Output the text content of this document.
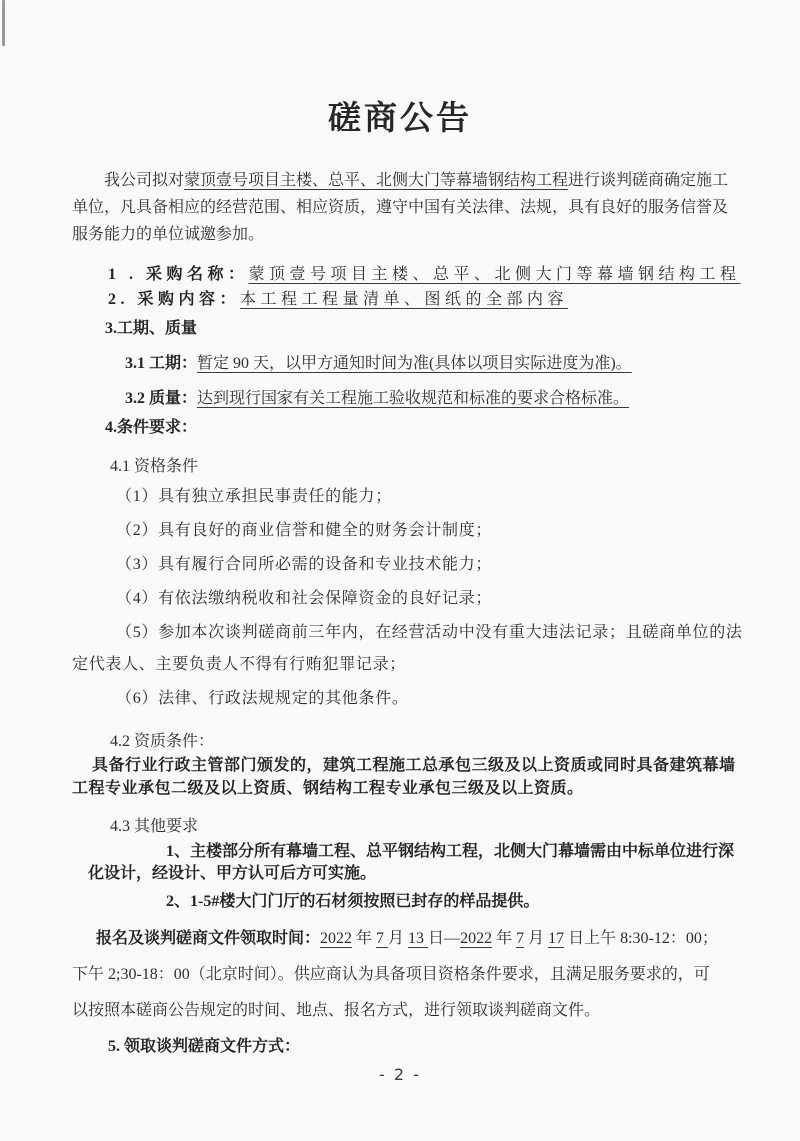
磋商公告

我公司拟对蒙顶壹号项目主楼、总平、北侧大门等幕墙钢结构工程进行谈判磋商确定施工
单位，凡具备相应的经营范围、相应资质，遵守中国有关法律、法规，具有良好的服务信誉及
服务能力的单位诚邀参加。

1 . 采购名称：蒙顶壹号项目主楼、总平、北侧大门等幕墙钢结构工程

2. 采购内容：本工程工程量清单、图纸的全部内容

3.工期、质量

3.1 工期：暂定 90 天，以甲方通知时间为准(具体以项目实际进度为准)。

3.2 质量：达到现行国家有关工程施工验收规范和标准的要求合格标准。

4.条件要求：

4.1 资格条件

（1）具有独立承担民事责任的能力；

（2）具有良好的商业信誉和健全的财务会计制度；

（3）具有履行合同所必需的设备和专业技术能力；

（4）有依法缴纳税收和社会保障资金的良好记录；

（5）参加本次谈判磋商前三年内，在经营活动中没有重大违法记录；且磋商单位的法
定代表人、主要负责人不得有行贿犯罪记录；

（6）法律、行政法规规定的其他条件。

4.2 资质条件：

具备行业行政主管部门颁发的，建筑工程施工总承包三级及以上资质或同时具备建筑幕墙
工程专业承包二级及以上资质、钢结构工程专业承包三级及以上资质。

4.3 其他要求

1、主楼部分所有幕墙工程、总平钢结构工程，北侧大门幕墙需由中标单位进行深
化设计，经设计、甲方认可后方可实施。

2、1-5#楼大门门厅的石材须按照已封存的样品提供。

报名及谈判磋商文件领取时间：2022 年 7 月 13 日—2022 年 7 月 17 日上午 8:30-12：00；
下午 2;30-18：00（北京时间）。供应商认为具备项目资格条件要求，且满足服务要求的，可
以按照本磋商公告规定的时间、地点、报名方式，进行领取谈判磋商文件。

5. 领取谈判磋商文件方式：

- 2 -
